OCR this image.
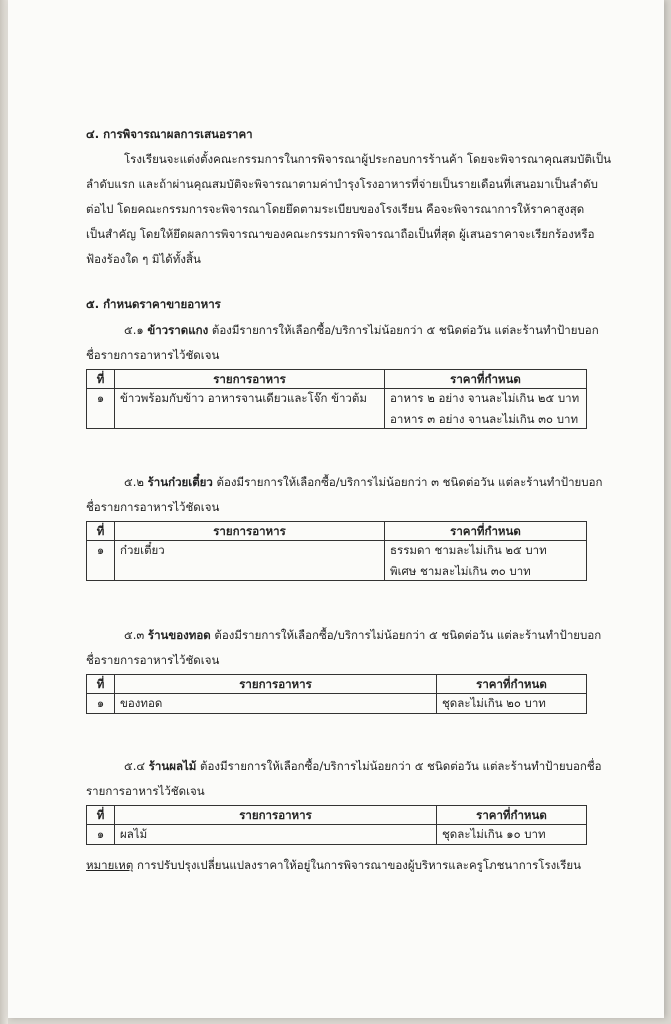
๔. การพิจารณาผลการเสนอราคา
โรงเรียนจะแต่งตั้งคณะกรรมการในการพิจารณาผู้ประกอบการร้านค้า โดยจะพิจารณาคุณสมบัติเป็น
ลำดับแรก และถ้าผ่านคุณสมบัติจะพิจารณาตามค่าบำรุงโรงอาหารที่จ่ายเป็นรายเดือนที่เสนอมาเป็นลำดับ
ต่อไป โดยคณะกรรมการจะพิจารณาโดยยึดตามระเบียบของโรงเรียน คือจะพิจารณาการให้ราคาสูงสุด
เป็นสำคัญ โดยให้ยึดผลการพิจารณาของคณะกรรมการพิจารณาถือเป็นที่สุด ผู้เสนอราคาจะเรียกร้องหรือ
ฟ้องร้องใด ๆ มิได้ทั้งสิ้น
๕. กำหนดราคาขายอาหาร
๕.๑ ข้าวราดแกง ต้องมีรายการให้เลือกซื้อ/บริการไม่น้อยกว่า ๕ ชนิดต่อวัน แต่ละร้านทำป้ายบอก
ชื่อรายการอาหารไว้ชัดเจน
ที่	รายการอาหาร	ราคาที่กำหนด
๑	ข้าวพร้อมกับข้าว อาหารจานเดียวและโจ๊ก ข้าวต้ม	อาหาร ๒ อย่าง จานละไม่เกิน ๒๕ บาท
อาหาร ๓ อย่าง จานละไม่เกิน ๓๐ บาท
๕.๒ ร้านก๋วยเตี๋ยว ต้องมีรายการให้เลือกซื้อ/บริการไม่น้อยกว่า ๓ ชนิดต่อวัน แต่ละร้านทำป้ายบอก
ชื่อรายการอาหารไว้ชัดเจน
ที่	รายการอาหาร	ราคาที่กำหนด
๑	ก๋วยเตี๋ยว	ธรรมดา ชามละไม่เกิน ๒๕ บาท
พิเศษ ชามละไม่เกิน ๓๐ บาท
๕.๓ ร้านของทอด ต้องมีรายการให้เลือกซื้อ/บริการไม่น้อยกว่า ๕ ชนิดต่อวัน แต่ละร้านทำป้ายบอก
ชื่อรายการอาหารไว้ชัดเจน
ที่	รายการอาหาร	ราคาที่กำหนด
๑	ของทอด	ชุดละไม่เกิน ๒๐ บาท
๕.๔ ร้านผลไม้ ต้องมีรายการให้เลือกซื้อ/บริการไม่น้อยกว่า ๕ ชนิดต่อวัน แต่ละร้านทำป้ายบอกชื่อ
รายการอาหารไว้ชัดเจน
ที่	รายการอาหาร	ราคาที่กำหนด
๑	ผลไม้	ชุดละไม่เกิน ๑๐ บาท
หมายเหตุ การปรับปรุงเปลี่ยนแปลงราคาให้อยู่ในการพิจารณาของผู้บริหารและครูโภชนาการโรงเรียน
